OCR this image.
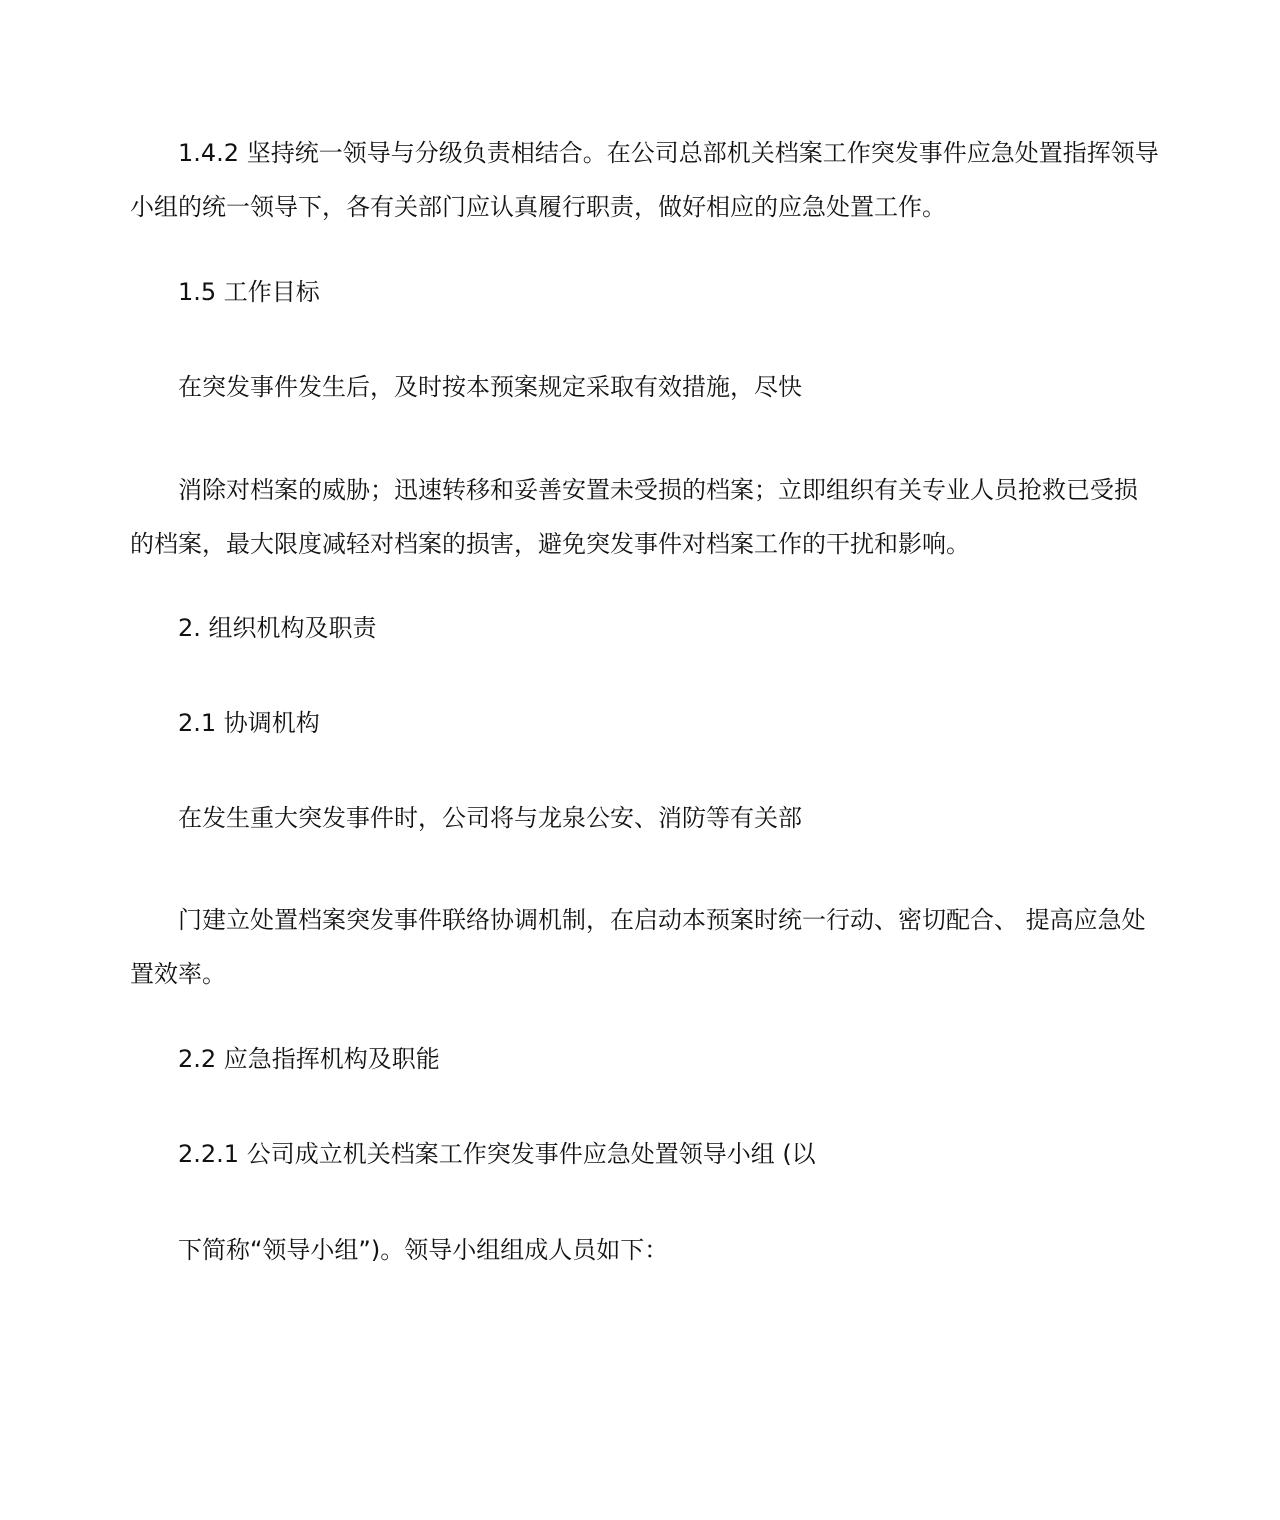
1.4.2 坚持统一领导与分级负责相结合。在公司总部机关档案工作突发事件应急处置指挥领导小组的统一领导下，各有关部门应认真履行职责，做好相应的应急处置工作。

1.5 工作目标

在突发事件发生后，及时按本预案规定采取有效措施，尽快

消除对档案的威胁；迅速转移和妥善安置未受损的档案；立即组织有关专业人员抢救已受损的档案，最大限度减轻对档案的损害，避免突发事件对档案工作的干扰和影响。

2. 组织机构及职责

2.1 协调机构

在发生重大突发事件时，公司将与龙泉公安、消防等有关部

门建立处置档案突发事件联络协调机制，在启动本预案时统一行动、密切配合、 提高应急处置效率。

2.2 应急指挥机构及职能

2.2.1 公司成立机关档案工作突发事件应急处置领导小组 (以

下简称“领导小组”)。领导小组组成人员如下：
